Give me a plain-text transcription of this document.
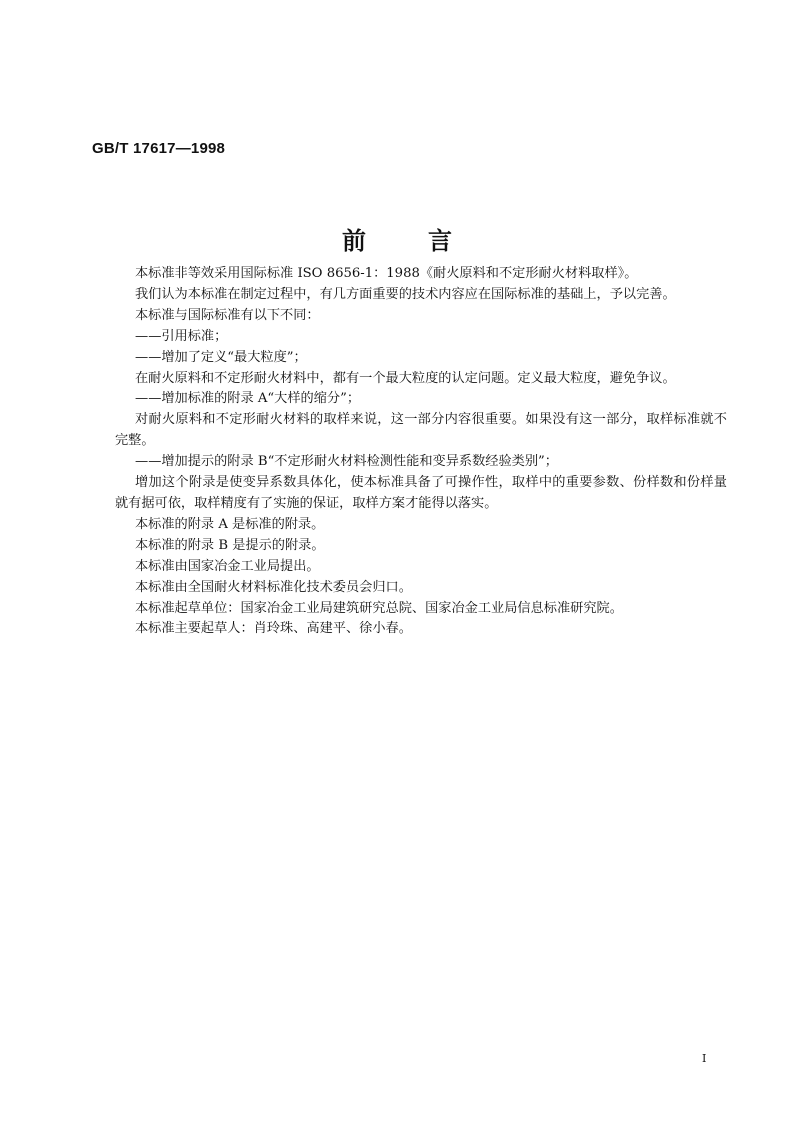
GB/T 17617—1998
前	言

本标准非等效采用国际标准 ISO 8656-1：1988《耐火原料和不定形耐火材料取样》。

我们认为本标准在制定过程中，有几方面重要的技术内容应在国际标准的基础上，予以完善。

本标准与国际标准有以下不同：

——引用标准；

——增加了定义“最大粒度”；

在耐火原料和不定形耐火材料中，都有一个最大粒度的认定问题。定义最大粒度，避免争议。

——增加标准的附录 A“大样的缩分”；

对耐火原料和不定形耐火材料的取样来说，这一部分内容很重要。如果没有这一部分，取样标准就不完整。

——增加提示的附录 B“不定形耐火材料检测性能和变异系数经验类别”；

增加这个附录是使变异系数具体化，使本标准具备了可操作性，取样中的重要参数、份样数和份样量就有据可依，取样精度有了实施的保证，取样方案才能得以落实。

本标准的附录 A 是标准的附录。

本标准的附录 B 是提示的附录。

本标准由国家冶金工业局提出。

本标准由全国耐火材料标准化技术委员会归口。

本标准起草单位：国家冶金工业局建筑研究总院、国家冶金工业局信息标准研究院。

本标准主要起草人：肖玲珠、高建平、徐小春。

I
